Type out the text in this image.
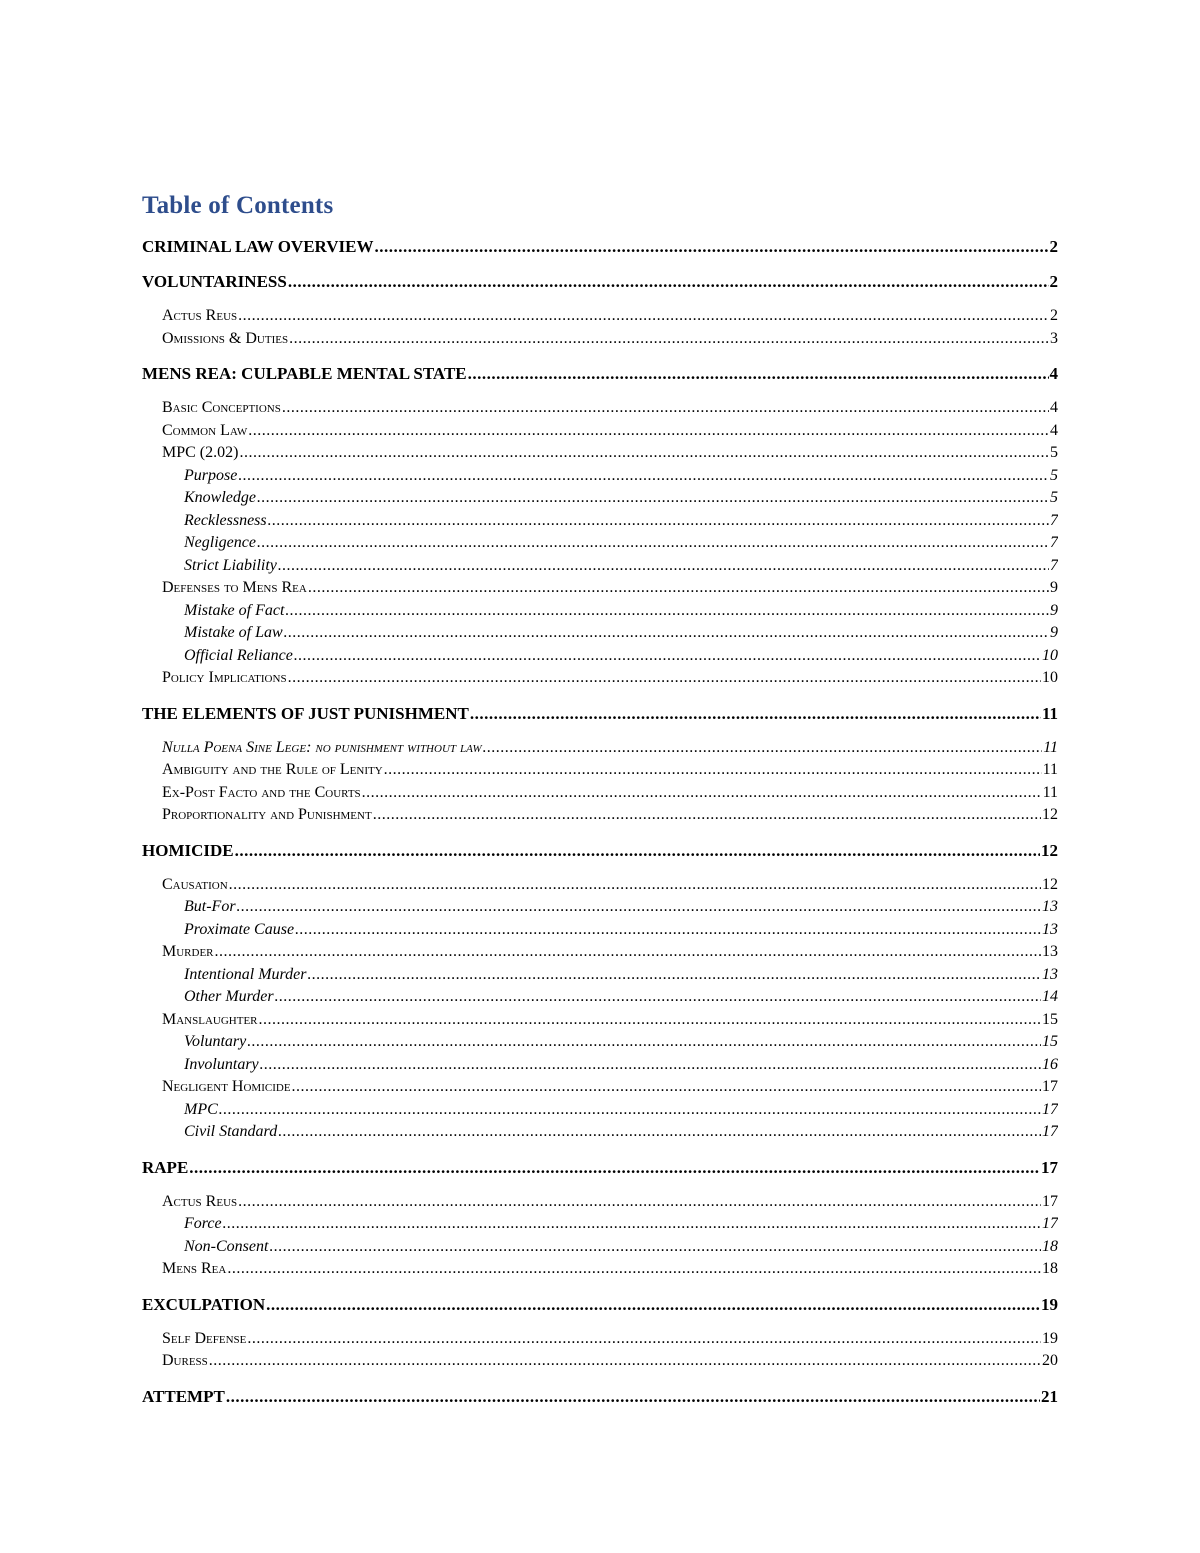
Table of Contents
CRIMINAL LAW OVERVIEW .....	2
VOLUNTARINESS .....	2
Actus Reus .....	2
Omissions & Duties .....	3
MENS REA: CULPABLE MENTAL STATE .....	4
Basic Conceptions .....	4
Common Law .....	4
MPC (2.02) .....	5
Purpose .....	5
Knowledge .....	5
Recklessness .....	7
Negligence .....	7
Strict Liability .....	7
Defenses to Mens Rea .....	9
Mistake of Fact .....	9
Mistake of Law .....	9
Official Reliance .....	10
Policy Implications .....	10
THE ELEMENTS OF JUST PUNISHMENT .....	11
Nulla Poena Sine Lege: no punishment without law .....	11
Ambiguity and the Rule of Lenity .....	11
Ex-Post Facto and the Courts .....	11
Proportionality and Punishment .....	12
HOMICIDE .....	12
Causation .....	12
But-For .....	13
Proximate Cause .....	13
Murder .....	13
Intentional Murder .....	13
Other Murder .....	14
Manslaughter .....	15
Voluntary .....	15
Involuntary .....	16
Negligent Homicide .....	17
MPC .....	17
Civil Standard .....	17
RAPE .....	17
Actus Reus .....	17
Force .....	17
Non-Consent .....	18
Mens Rea .....	18
EXCULPATION .....	19
Self Defense .....	19
Duress .....	20
ATTEMPT .....	21
